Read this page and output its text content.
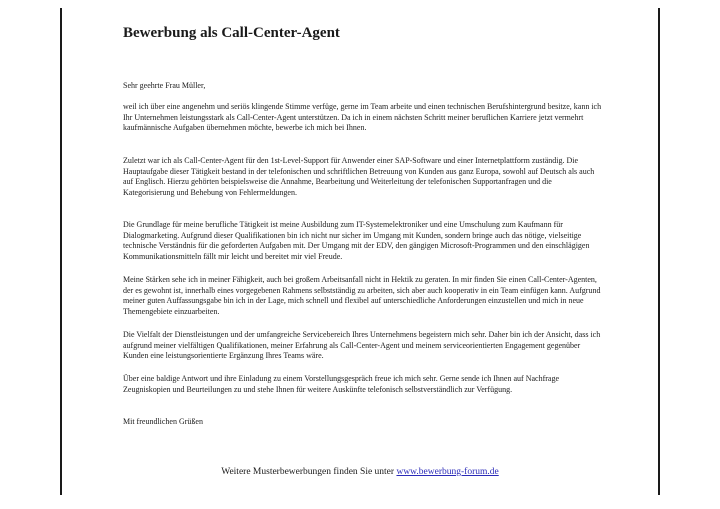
Bewerbung als Call-Center-Agent

Sehr geehrte Frau Müller,

weil ich über eine angenehm und seriös klingende Stimme verfüge, gerne im Team arbeite und einen technischen Berufshintergrund besitze, kann ich Ihr Unternehmen leistungsstark als Call-Center-Agent unterstützen. Da ich in einem nächsten Schritt meiner beruflichen Karriere jetzt vermehrt kaufmännische Aufgaben übernehmen möchte, bewerbe ich mich bei Ihnen.

Zuletzt war ich als Call-Center-Agent für den 1st-Level-Support für Anwender einer SAP-Software und einer Internetplattform zuständig. Die Hauptaufgabe dieser Tätigkeit bestand in der telefonischen und schriftlichen Betreuung von Kunden aus ganz Europa, sowohl auf Deutsch als auch auf Englisch. Hierzu gehörten beispielsweise die Annahme, Bearbeitung und Weiterleitung der telefonischen Supportanfragen und die Kategorisierung und Behebung von Fehlermeldungen.

Die Grundlage für meine berufliche Tätigkeit ist meine Ausbildung zum IT-Systemelektroniker und eine Umschulung zum Kaufmann für Dialogmarketing. Aufgrund dieser Qualifikationen bin ich nicht nur sicher im Umgang mit Kunden, sondern bringe auch das nötige, vielseitige technische Verständnis für die geforderten Aufgaben mit. Der Umgang mit der EDV, den gängigen Microsoft-Programmen und den einschlägigen Kommunikationsmitteln fällt mir leicht und bereitet mir viel Freude.

Meine Stärken sehe ich in meiner Fähigkeit, auch bei großem Arbeitsanfall nicht in Hektik zu geraten. In mir finden Sie einen Call-Center-Agenten, der es gewohnt ist, innerhalb eines vorgegebenen Rahmens selbstständig zu arbeiten, sich aber auch kooperativ in ein Team einfügen kann. Aufgrund meiner guten Auffassungsgabe bin ich in der Lage, mich schnell und flexibel auf unterschiedliche Anforderungen einzustellen und mich in neue Themengebiete einzuarbeiten.

Die Vielfalt der Dienstleistungen und der umfangreiche Servicebereich Ihres Unternehmens begeistern mich sehr. Daher bin ich der Ansicht, dass ich aufgrund meiner vielfältigen Qualifikationen, meiner Erfahrung als Call-Center-Agent und meinem serviceorientierten Engagement gegenüber Kunden eine leistungsorientierte Ergänzung Ihres Teams wäre.

Über eine baldige Antwort und ihre Einladung zu einem Vorstellungsgespräch freue ich mich sehr. Gerne sende ich Ihnen auf Nachfrage Zeugniskopien und Beurteilungen zu und stehe Ihnen für weitere Auskünfte telefonisch selbstverständlich zur Verfügung.

Mit freundlichen Grüßen

Weitere Musterbewerbungen finden Sie unter www.bewerbung-forum.de
